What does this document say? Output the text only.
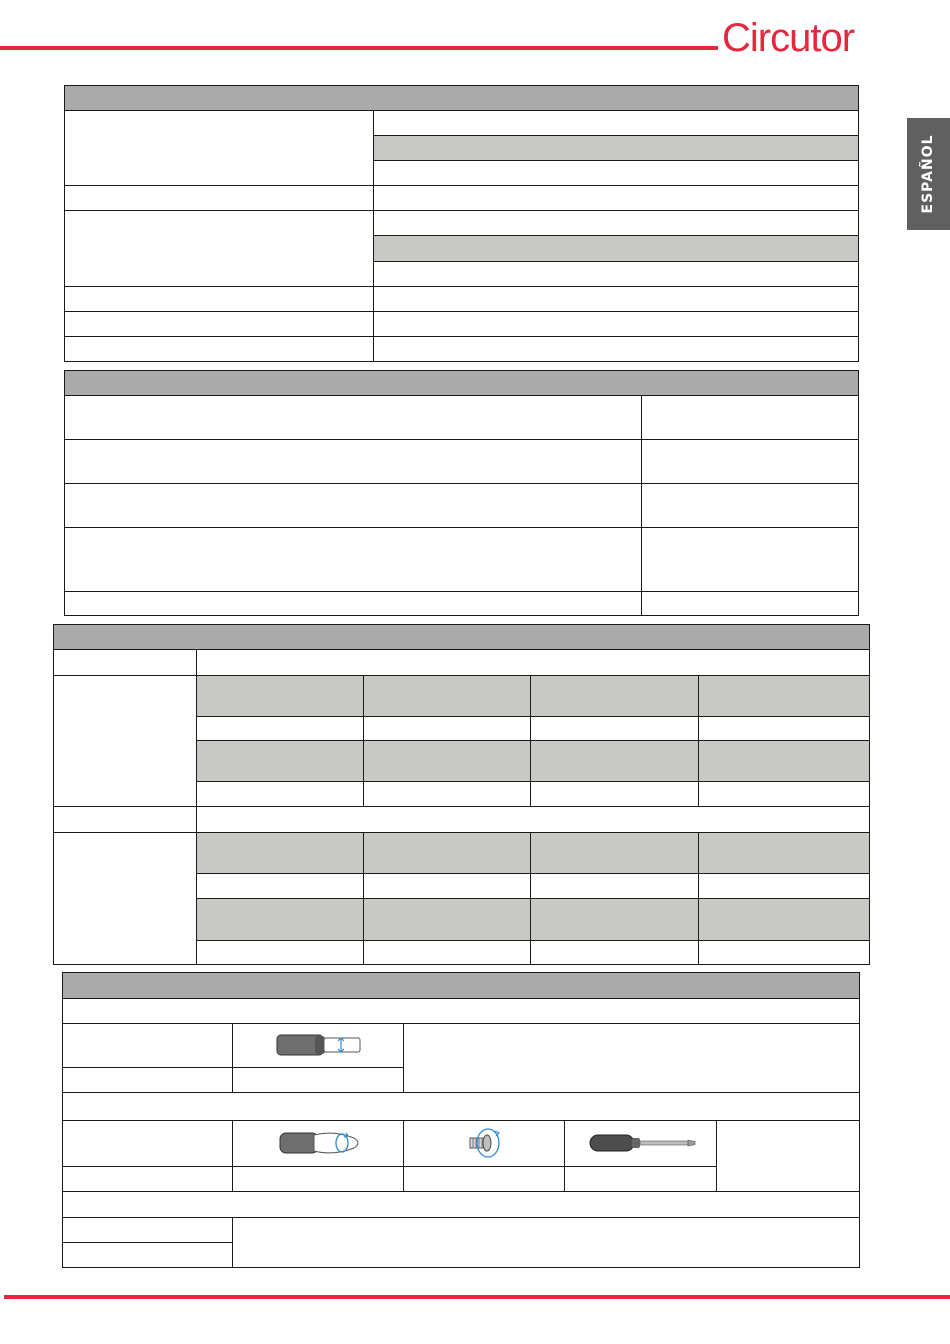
Circutor
ESPAÑOL
